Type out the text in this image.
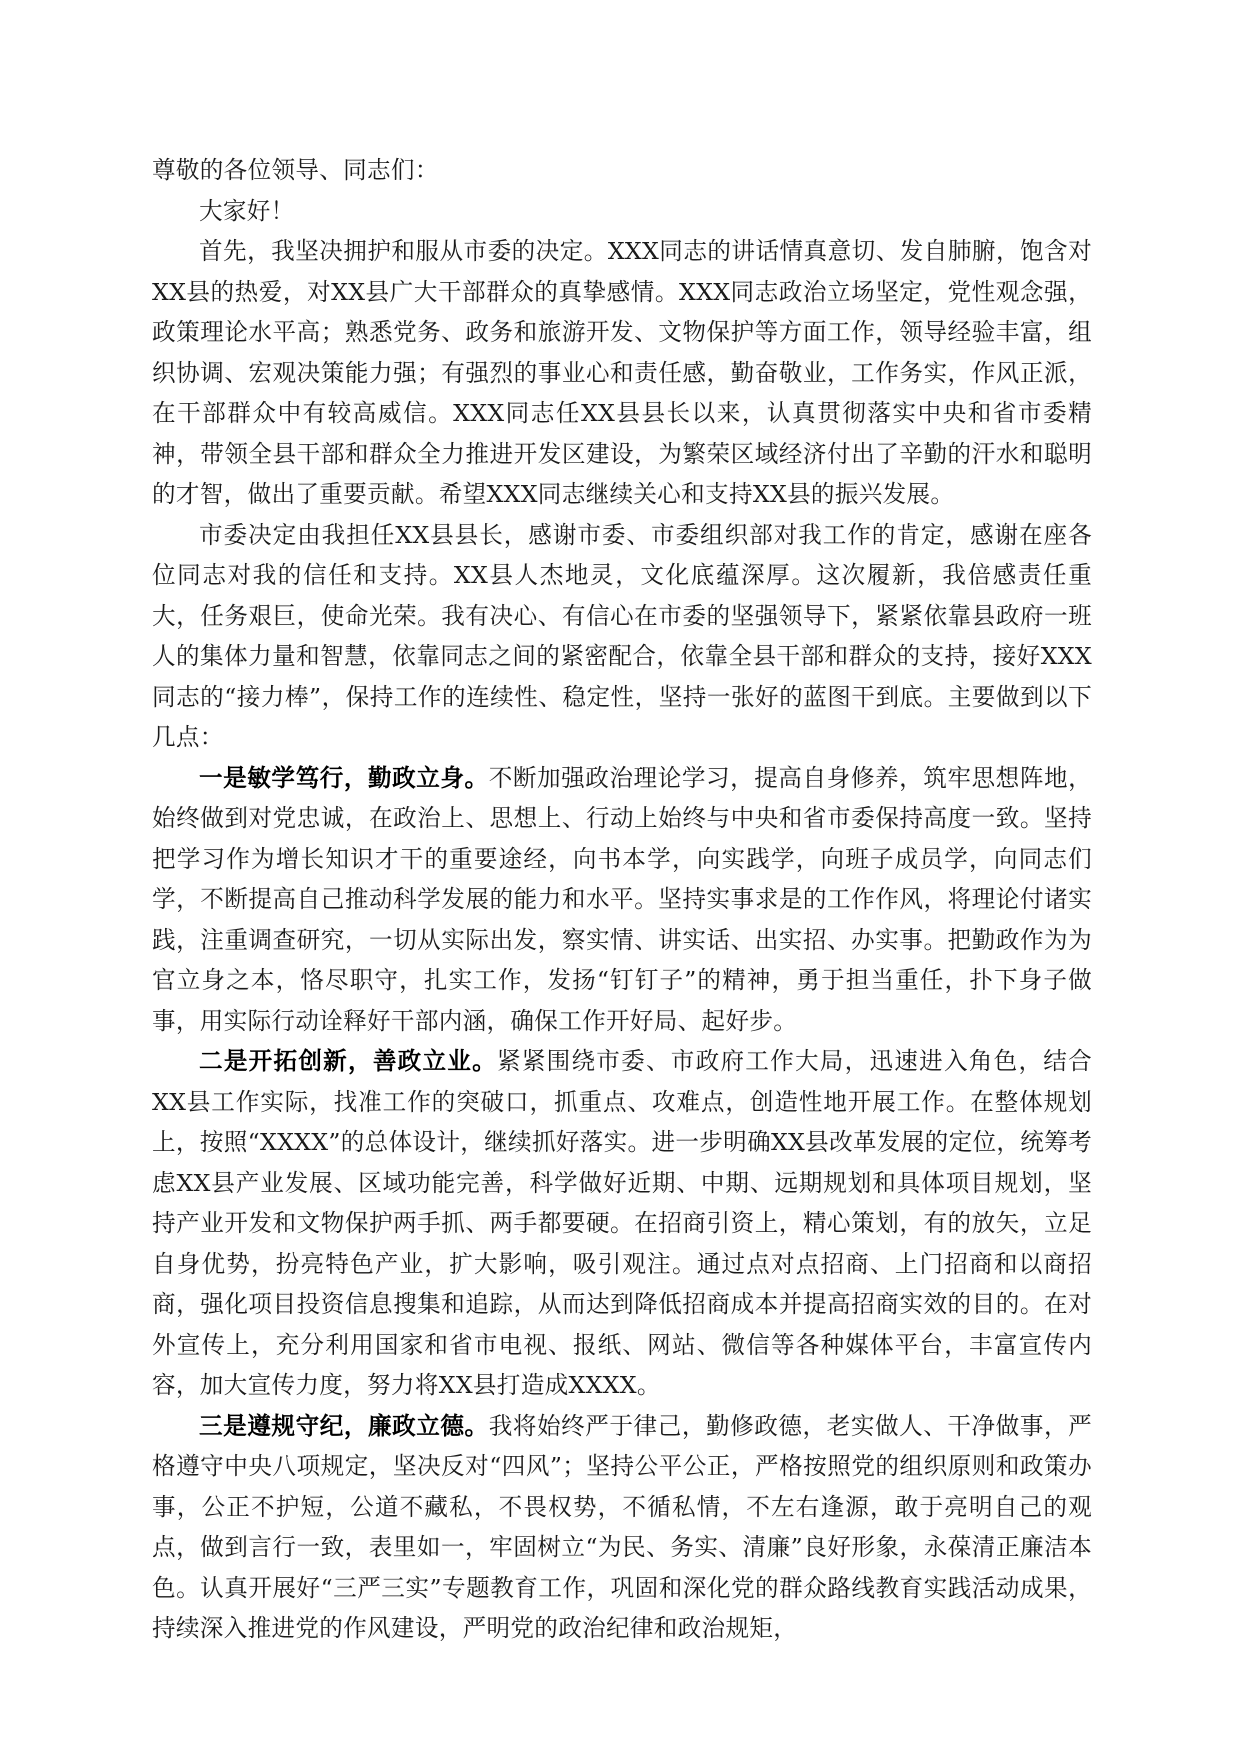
尊敬的各位领导、同志们：

大家好！

首先，我坚决拥护和服从市委的决定。XXX同志的讲话情真意切、发自肺腑，饱含对XX县的热爱，对XX县广大干部群众的真挚感情。XXX同志政治立场坚定，党性观念强，政策理论水平高；熟悉党务、政务和旅游开发、文物保护等方面工作，领导经验丰富，组织协调、宏观决策能力强；有强烈的事业心和责任感，勤奋敬业，工作务实，作风正派，在干部群众中有较高威信。XXX同志任XX县县长以来，认真贯彻落实中央和省市委精神，带领全县干部和群众全力推进开发区建设，为繁荣区域经济付出了辛勤的汗水和聪明的才智，做出了重要贡献。希望XXX同志继续关心和支持XX县的振兴发展。

市委决定由我担任XX县县长，感谢市委、市委组织部对我工作的肯定，感谢在座各位同志对我的信任和支持。XX县人杰地灵，文化底蕴深厚。这次履新，我倍感责任重大，任务艰巨，使命光荣。我有决心、有信心在市委的坚强领导下，紧紧依靠县政府一班人的集体力量和智慧，依靠同志之间的紧密配合，依靠全县干部和群众的支持，接好XXX同志的“接力棒”，保持工作的连续性、稳定性，坚持一张好的蓝图干到底。主要做到以下几点：

一是敏学笃行，勤政立身。不断加强政治理论学习，提高自身修养，筑牢思想阵地，始终做到对党忠诚，在政治上、思想上、行动上始终与中央和省市委保持高度一致。坚持把学习作为增长知识才干的重要途经，向书本学，向实践学，向班子成员学，向同志们学，不断提高自己推动科学发展的能力和水平。坚持实事求是的工作作风，将理论付诸实践，注重调查研究，一切从实际出发，察实情、讲实话、出实招、办实事。把勤政作为为官立身之本，恪尽职守，扎实工作，发扬“钉钉子”的精神，勇于担当重任，扑下身子做事，用实际行动诠释好干部内涵，确保工作开好局、起好步。

二是开拓创新，善政立业。紧紧围绕市委、市政府工作大局，迅速进入角色，结合XX县工作实际，找准工作的突破口，抓重点、攻难点，创造性地开展工作。在整体规划上，按照“XXXX”的总体设计，继续抓好落实。进一步明确XX县改革发展的定位，统筹考虑XX县产业发展、区域功能完善，科学做好近期、中期、远期规划和具体项目规划，坚持产业开发和文物保护两手抓、两手都要硬。在招商引资上，精心策划，有的放矢，立足自身优势，扮亮特色产业，扩大影响，吸引观注。通过点对点招商、上门招商和以商招商，强化项目投资信息搜集和追踪，从而达到降低招商成本并提高招商实效的目的。在对外宣传上，充分利用国家和省市电视、报纸、网站、微信等各种媒体平台，丰富宣传内容，加大宣传力度，努力将XX县打造成XXXX。

三是遵规守纪，廉政立德。我将始终严于律己，勤修政德，老实做人、干净做事，严格遵守中央八项规定，坚决反对“四风”；坚持公平公正，严格按照党的组织原则和政策办事，公正不护短，公道不藏私，不畏权势，不循私情，不左右逢源，敢于亮明自己的观点，做到言行一致，表里如一，牢固树立“为民、务实、清廉”良好形象，永葆清正廉洁本色。认真开展好“三严三实”专题教育工作，巩固和深化党的群众路线教育实践活动成果，持续深入推进党的作风建设，严明党的政治纪律和政治规矩，
